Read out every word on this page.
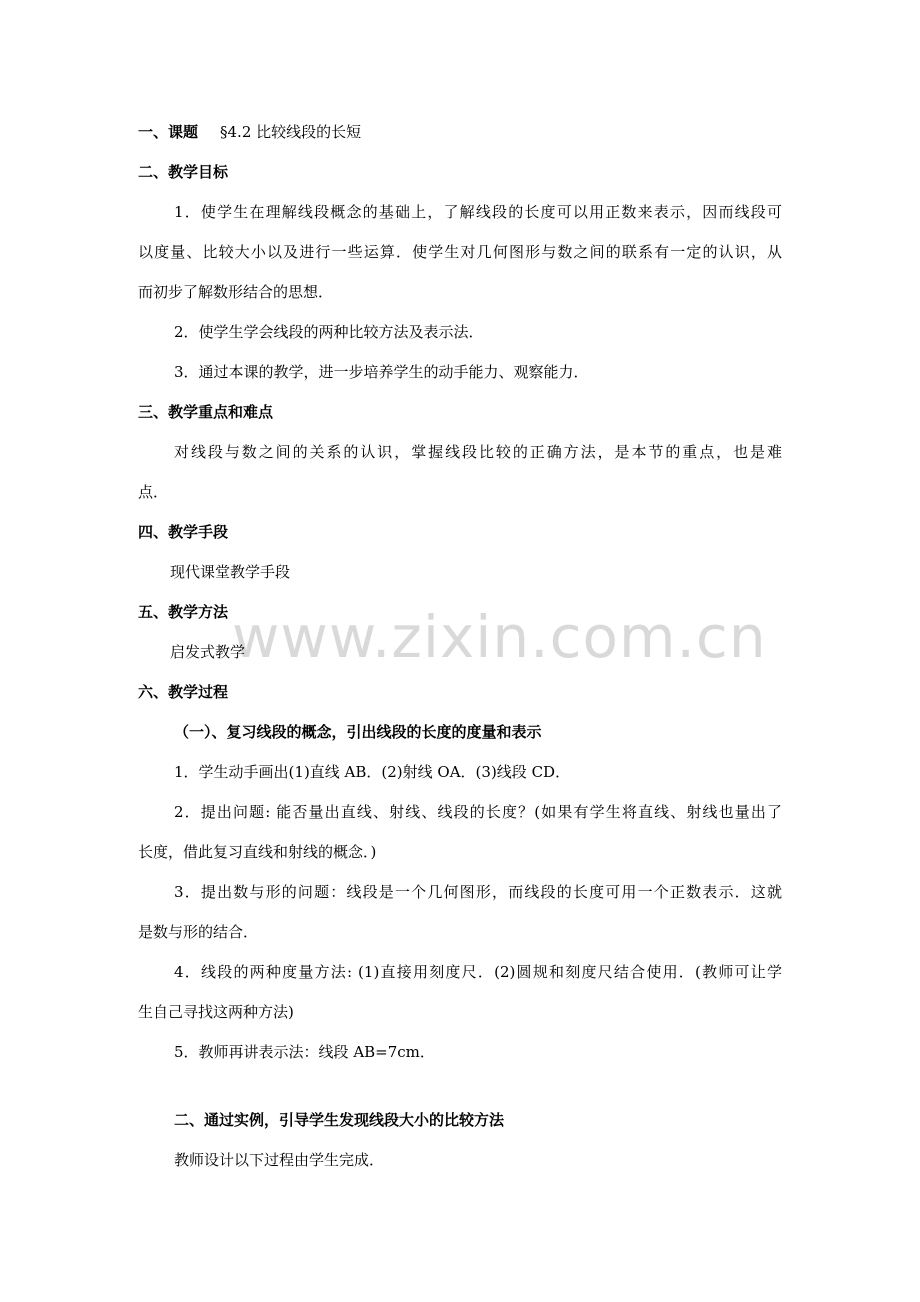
www.zixin.com.cn
一、课题 §4.2 比较线段的长短
二、教学目标
1．使学生在理解线段概念的基础上，了解线段的长度可以用正数来表示，因而线段可
以度量、比较大小以及进行一些运算．使学生对几何图形与数之间的联系有一定的认识，从
而初步了解数形结合的思想．
2．使学生学会线段的两种比较方法及表示法．
3．通过本课的教学，进一步培养学生的动手能力、观察能力．
三、教学重点和难点
对线段与数之间的关系的认识，掌握线段比较的正确方法，是本节的重点，也是难
点．
四、教学手段
现代课堂教学手段
五、教学方法
启发式教学
六、教学过程
（一）、复习线段的概念，引出线段的长度的度量和表示
1．学生动手画出(1)直线 AB．(2)射线 OA．(3)线段 CD．
2．提出问题: 能否量出直线、射线、线段的长度？(如果有学生将直线、射线也量出了
长度，借此复习直线和射线的概念．)
3．提出数与形的问题：线段是一个几何图形，而线段的长度可用一个正数表示．这就
是数与形的结合．
4．线段的两种度量方法: (1)直接用刻度尺．(2)圆规和刻度尺结合使用．(教师可让学
生自己寻找这两种方法)
5．教师再讲表示法：线段 AB=7cm．
二、通过实例，引导学生发现线段大小的比较方法
教师设计以下过程由学生完成．
